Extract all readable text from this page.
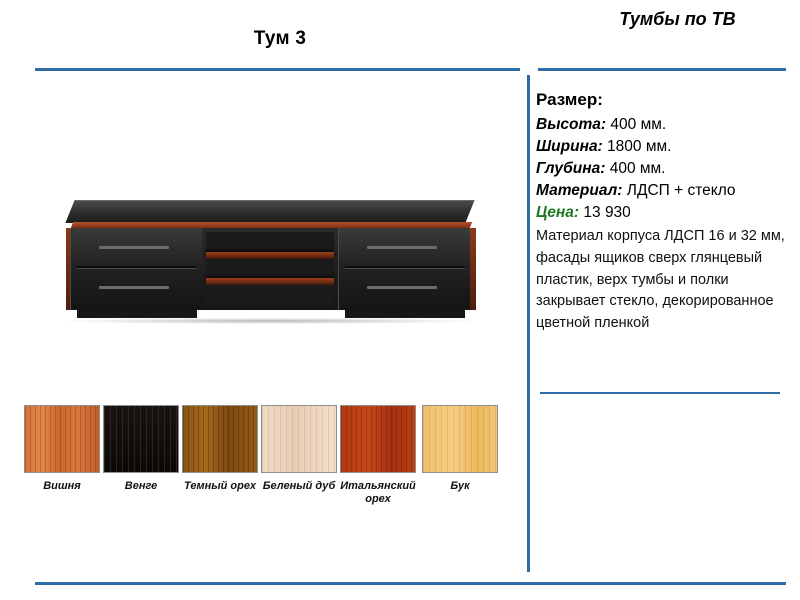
Тум 3
Тумбы по ТВ
Вишня	Венге	Темный орех Беленый дуб Итальянский орех
Бук
Размер:
Высота: 400 мм.
Ширина: 1800 мм.
Глубина: 400 мм.
Материал: ЛДСП + стекло
Цена: 13 930
Материал корпуса ЛДСП 16 и 32 мм, фасады ящиков сверх глянцевый пластик, верх тумбы и полки закрывает стекло, декорированное цветной пленкой
